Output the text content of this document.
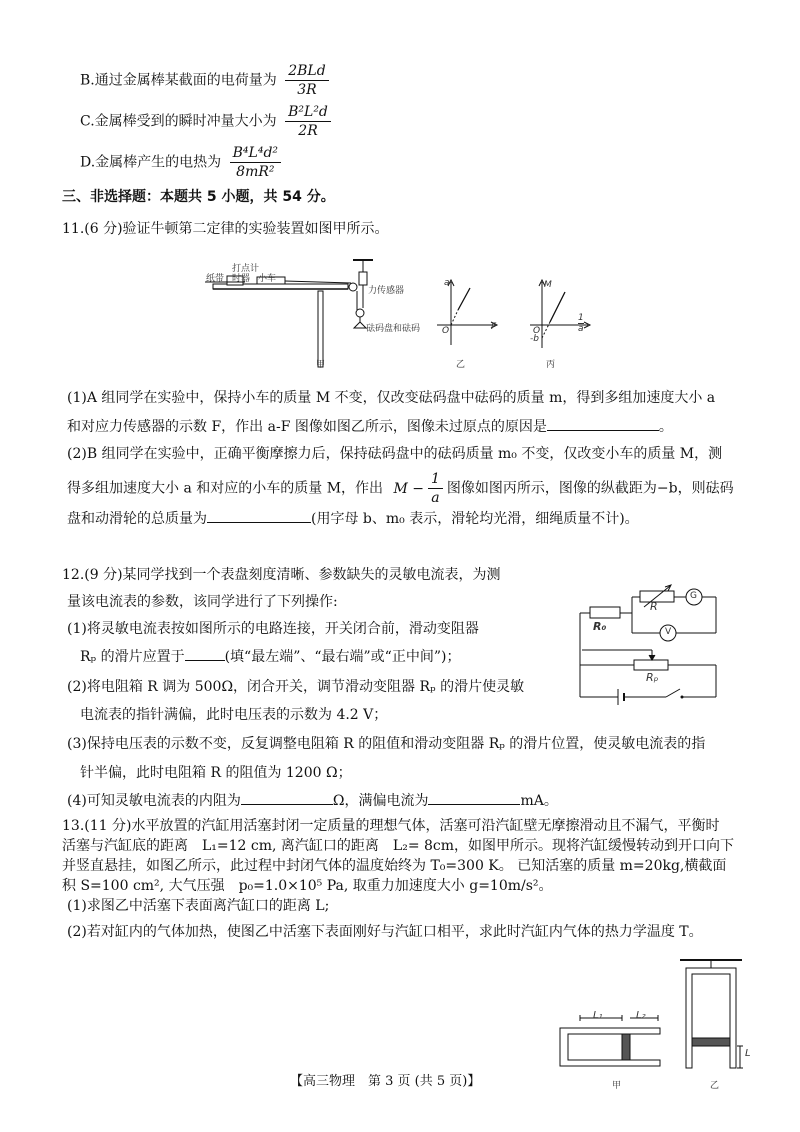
B.通过金属棒某截面的电荷量为 $\frac{\text{2BLd}}{3R}$
C.金属棒受到的瞬时冲量大小为 $\frac{\text{B²L²d}}{2R}$
D.金属棒产生的电热为 $\frac{\text{B⁴L⁴d²}}{\text{8mR²}}$
三、非选择题：本题共 5 小题，共 54 分。
11.(6 分)验证牛顿第二定律的实验装置如图甲所示。
纸带
打点计
时器 小车
力传感器
砝码盘和砝码
甲
a
F
O
乙
M
1
a
O
-b
丙
(1)A 组同学在实验中，保持小车的质量 M 不变，仅改变砝码盘中砝码的质量 m，得到多组加速度大小 a
和对应力传感器的示数 F，作出 a-F 图像如图乙所示，图像未过原点的原因是	。
(2)B 组同学在实验中，正确平衡摩擦力后，保持砝码盘中的砝码质量 m₀ 不变，仅改变小车的质量 M，测
得多组加速度大小 a 和对应的小车的质量 M，作出 $M - \frac{1}{a}$ 图像如图丙所示，图像的纵截距为−b，则砝码
盘和动滑轮的总质量为	(用字母 b、m₀ 表示，滑轮均光滑，细绳质量不计)。
12.(9 分)某同学找到一个表盘刻度清晰、参数缺失的灵敏电流表，为测
量该电流表的参数，该同学进行了下列操作:
(1)将灵敏电流表按如图所示的电路连接，开关闭合前，滑动变阻器
Rₚ 的滑片应置于	(填“最左端”、“最右端”或“正中间”)；
(2)将电阻箱 R 调为 500Ω，闭合开关，调节滑动变阻器 Rₚ 的滑片使灵敏
电流表的指针满偏，此时电压表的示数为 4.2 V；
(3)保持电压表的示数不变，反复调整电阻箱 R 的阻值和滑动变阻器 Rₚ 的滑片位置，使灵敏电流表的指
针半偏，此时电阻箱 R 的阻值为 1200 Ω；
(4)可知灵敏电流表的内阻为	Ω，满偏电流为	mA。
R₀
R
G
V
Rₚ
13.(11 分)水平放置的汽缸用活塞封闭一定质量的理想气体，活塞可沿汽缸壁无摩擦滑动且不漏气，平衡时
活塞与汽缸底的距离　L₁=12 cm, 离汽缸口的距离　L₂= 8cm，如图甲所示。现将汽缸缓慢转动到开口向下
并竖直悬挂，如图乙所示，此过程中封闭气体的温度始终为 T₀=300 K。 已知活塞的质量 m=20kg,横截面
积 S=100 cm², 大气压强　p₀=1.0×10⁵ Pa, 取重力加速度大小 g=10m/s²。
(1)求图乙中活塞下表面离汽缸口的距离 L;
(2)若对缸内的气体加热，使图乙中活塞下表面刚好与汽缸口相平，求此时汽缸内气体的热力学温度 T。
L₁	L₂
甲
L
乙
【高三物理　第 3 页 (共 5 页)】
